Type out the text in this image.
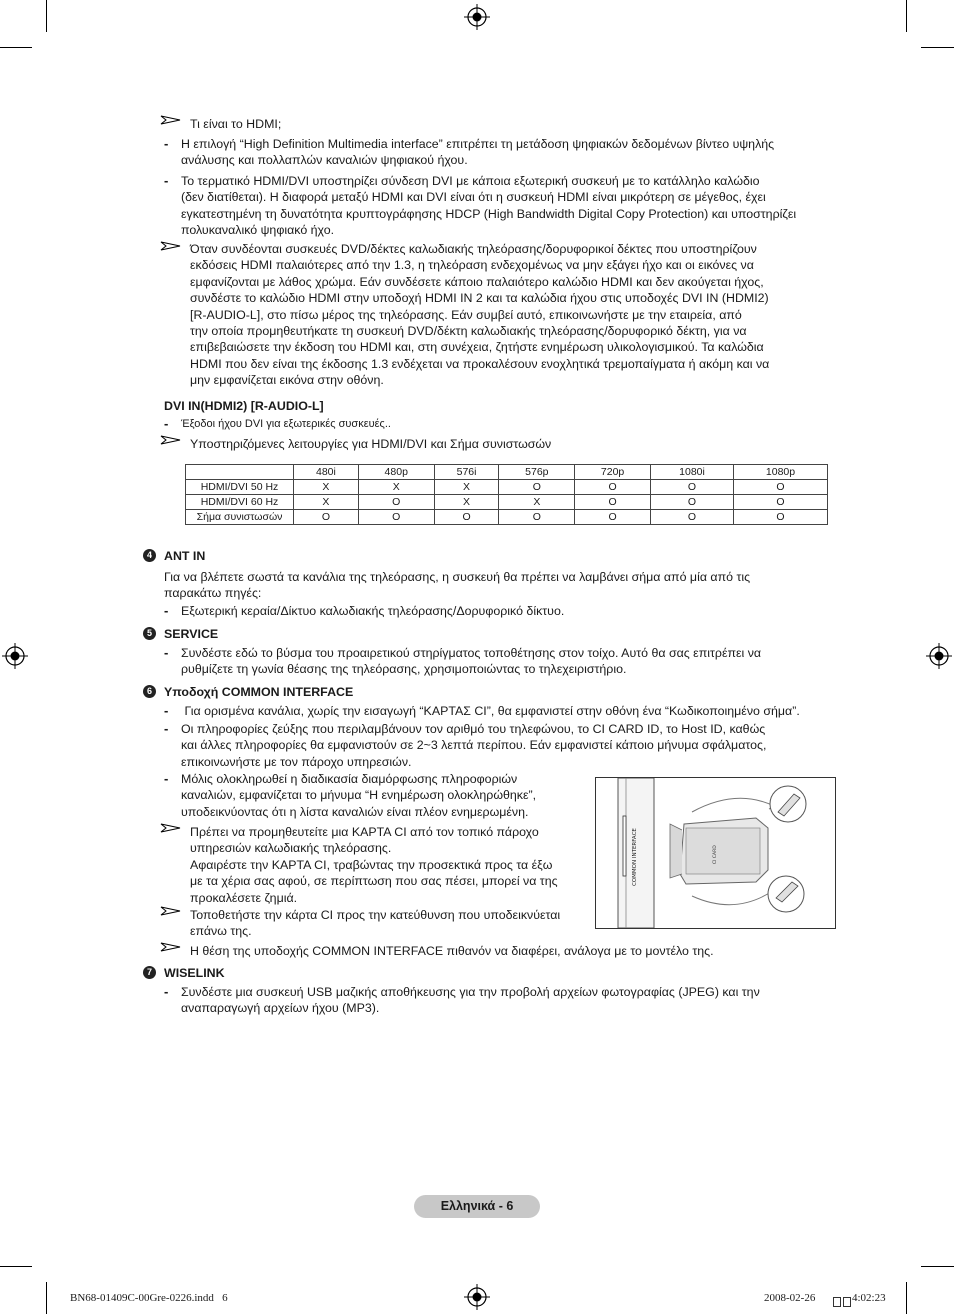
Τι είναι το HDMI;
- Η επιλογή “High Definition Multimedia interface” επιτρέπει τη μετάδοση ψηφιακών δεδομένων βίντεο υψηλής
ανάλυσης και πολλαπλών καναλιών ψηφιακού ήχου.
- Το τερματικό HDMI/DVI υποστηρίζει σύνδεση DVI με κάποια εξωτερική συσκευή με το κατάλληλο καλώδιο
(δεν διατίθεται). Η διαφορά μεταξύ HDMI και DVI είναι ότι η συσκευή HDMI είναι μικρότερη σε μέγεθος, έχει
εγκατεστημένη τη δυνατότητα κρυπτογράφησης HDCP (High Bandwidth Digital Copy Protection) και υποστηρίζει
πολυκαναλικό ψηφιακό ήχο.
Όταν συνδέονται συσκευές DVD/δέκτες καλωδιακής τηλεόρασης/δορυφορικοί δέκτες που υποστηρίζουν
εκδόσεις HDMI παλαιότερες από την 1.3, η τηλεόραση ενδεχομένως να μην εξάγει ήχο και οι εικόνες να
εμφανίζονται με λάθος χρώμα. Εάν συνδέσετε κάποιο παλαιότερο καλώδιο HDMI και δεν ακούγεται ήχος,
συνδέστε το καλώδιο HDMI στην υποδοχή HDMI IN 2 και τα καλώδια ήχου στις υποδοχές DVI IN (HDMI2)
[R-AUDIO-L], στο πίσω μέρος της τηλεόρασης. Εάν συμβεί αυτό, επικοινωνήστε με την εταιρεία, από
την οποία προμηθευτήκατε τη συσκευή DVD/δέκτη καλωδιακής τηλεόρασης/δορυφορικό δέκτη, για να
επιβεβαιώσετε την έκδοση του HDMI και, στη συνέχεια, ζητήστε ενημέρωση υλικολογισμικού. Τα καλώδια
HDMI που δεν είναι της έκδοσης 1.3 ενδέχεται να προκαλέσουν ενοχλητικά τρεμοπαίγματα ή ακόμη και να
μην εμφανίζεται εικόνα στην οθόνη.
DVI IN(HDMI2) [R-AUDIO-L]
- Έξοδοι ήχου DVI για εξωτερικές συσκευές..
Υποστηριζόμενες λειτουργίες για HDMI/DVI και Σήμα συνιστωσών
	480i	480p	576i	576p	720p	1080i	1080p
HDMI/DVI 50 Hz	X	X	X	O	O	O	O
HDMI/DVI 60 Hz	X	O	X	X	O	O	O
Σήμα συνιστωσών	O	O	O	O	O	O	O
4 ANT IN
Για να βλέπετε σωστά τα κανάλια της τηλεόρασης, η συσκευή θα πρέπει να λαμβάνει σήμα από μία από τις
παρακάτω πηγές:
- Εξωτερική κεραία/Δίκτυο καλωδιακής τηλεόρασης/Δορυφορικό δίκτυο.
5 SERVICE
- Συνδέστε εδώ το βύσμα του προαιρετικού στηρίγματος τοποθέτησης στον τοίχο. Αυτό θα σας επιτρέπει να
ρυθμίζετε τη γωνία θέασης της τηλεόρασης, χρησιμοποιώντας το τηλεχειριστήριο.
6 Υποδοχή COMMON INTERFACE
- Για ορισμένα κανάλια, χωρίς την εισαγωγή “ΚΑΡΤΑΣ CI”, θα εμφανιστεί στην οθόνη ένα “Κωδικοποιημένο σήμα”.
- Οι πληροφορίες ζεύξης που περιλαμβάνουν τον αριθμό του τηλεφώνου, το CI CARD ID, το Host ID, καθώς
και άλλες πληροφορίες θα εμφανιστούν σε 2~3 λεπτά περίπου. Εάν εμφανιστεί κάποιο μήνυμα σφάλματος,
επικοινωνήστε με τον πάροχο υπηρεσιών.
- Μόλις ολοκληρωθεί η διαδικασία διαμόρφωσης πληροφοριών
καναλιών, εμφανίζεται το μήνυμα “Η ενημέρωση ολοκληρώθηκε”,
υποδεικνύοντας ότι η λίστα καναλιών είναι πλέον ενημερωμένη.
Πρέπει να προμηθευτείτε μια ΚΑΡΤΑ CI από τον τοπικό πάροχο
υπηρεσιών καλωδιακής τηλεόρασης.
Αφαιρέστε την ΚΑΡΤΑ CI, τραβώντας την προσεκτικά προς τα έξω
με τα χέρια σας αφού, σε περίπτωση που σας πέσει, μπορεί να της
προκαλέσετε ζημιά.
Τοποθετήστε την κάρτα CI προς την κατεύθυνση που υποδεικνύεται
επάνω της.
Η θέση της υποδοχής COMMON INTERFACE πιθανόν να διαφέρει, ανάλογα με το μοντέλο της.
COMMON INTERFACE	CI CARD
7 WISELINK
- Συνδέστε μια συσκευή USB μαζικής αποθήκευσης για την προβολή αρχείων φωτογραφίας (JPEG) και την
αναπαραγωγή αρχείων ήχου (MP3).
Ελληνικά - 6
BN68-01409C-00Gre-0226.indd   6	2008-02-26	4:02:23
